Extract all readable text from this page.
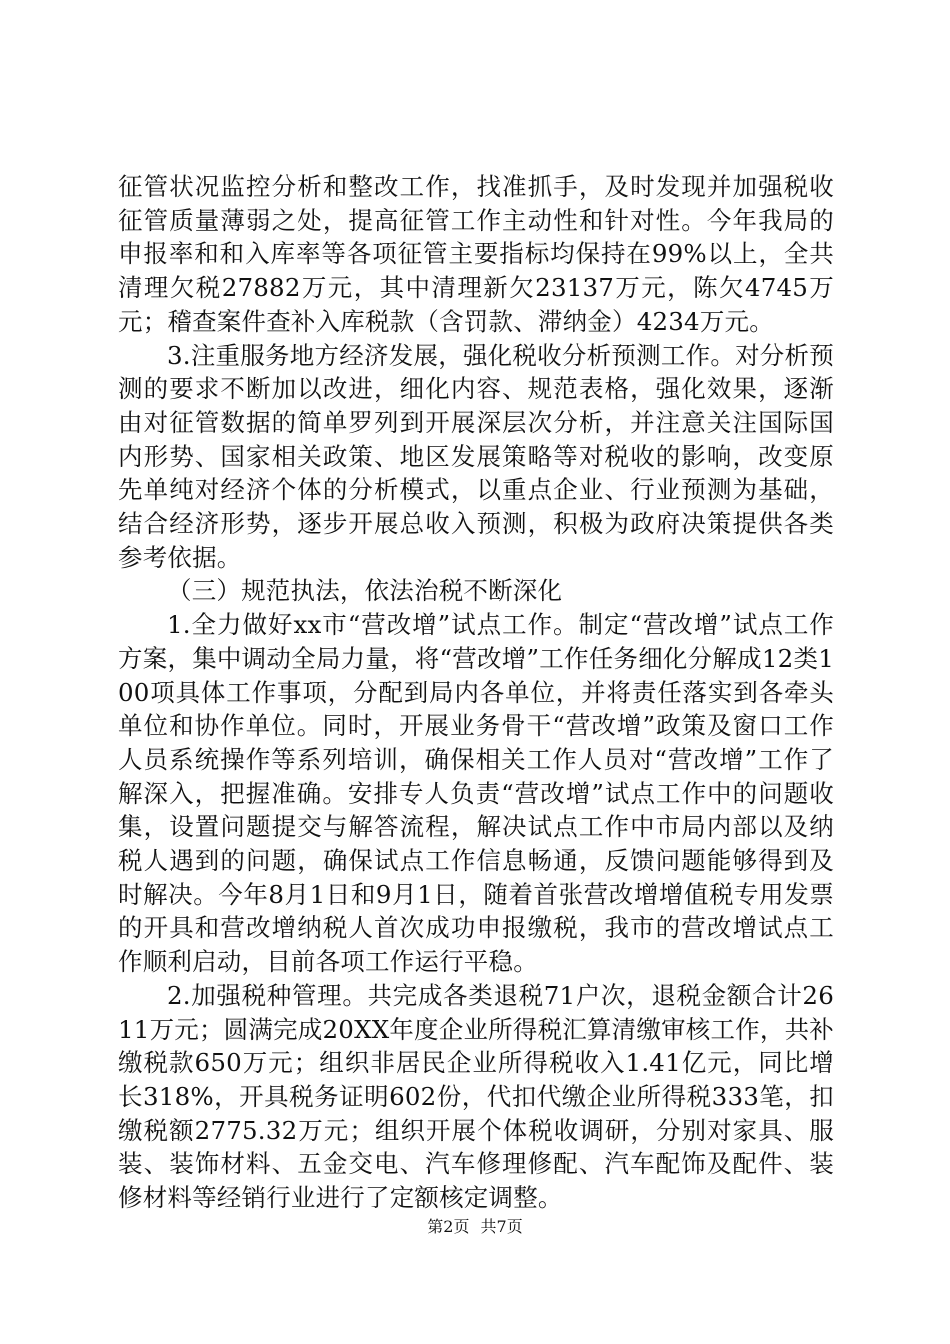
征管状况监控分析和整改工作，找准抓手，及时发现并加强税收征管质量薄弱之处，提高征管工作主动性和针对性。今年我局的申报率和和入库率等各项征管主要指标均保持在99%以上，全共清理欠税27882万元，其中清理新欠23137万元，陈欠4745万元；稽查案件查补入库税款（含罚款、滞纳金）4234万元。

3.注重服务地方经济发展，强化税收分析预测工作。对分析预测的要求不断加以改进，细化内容、规范表格，强化效果，逐渐由对征管数据的简单罗列到开展深层次分析，并注意关注国际国内形势、国家相关政策、地区发展策略等对税收的影响，改变原先单纯对经济个体的分析模式，以重点企业、行业预测为基础，结合经济形势，逐步开展总收入预测，积极为政府决策提供各类参考依据。

（三）规范执法，依法治税不断深化

1.全力做好xx市“营改增”试点工作。制定“营改增”试点工作方案，集中调动全局力量，将“营改增”工作任务细化分解成12类100项具体工作事项，分配到局内各单位，并将责任落实到各牵头单位和协作单位。同时，开展业务骨干“营改增”政策及窗口工作人员系统操作等系列培训，确保相关工作人员对“营改增”工作了解深入，把握准确。安排专人负责“营改增”试点工作中的问题收集，设置问题提交与解答流程，解决试点工作中市局内部以及纳税人遇到的问题，确保试点工作信息畅通，反馈问题能够得到及时解决。今年8月1日和9月1日，随着首张营改增增值税专用发票的开具和营改增纳税人首次成功申报缴税，我市的营改增试点工作顺利启动，目前各项工作运行平稳。

2.加强税种管理。共完成各类退税71户次，退税金额合计2611万元；圆满完成20XX年度企业所得税汇算清缴审核工作，共补缴税款650万元；组织非居民企业所得税收入1.41亿元，同比增长318%，开具税务证明602份，代扣代缴企业所得税333笔，扣缴税额2775.32万元；组织开展个体税收调研，分别对家具、服装、装饰材料、五金交电、汽车修理修配、汽车配饰及配件、装修材料等经销行业进行了定额核定调整。

第2页 共7页
